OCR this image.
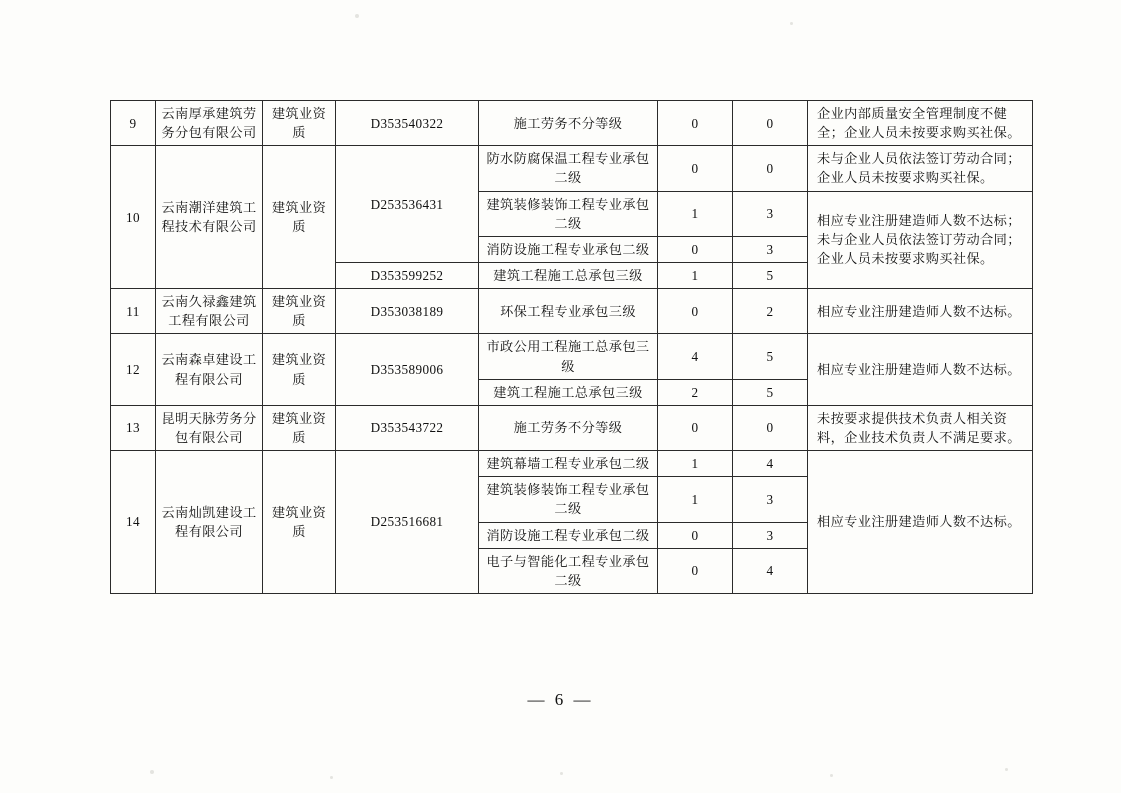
9	云南厚承建筑劳务分包有限公司	建筑业资质	D353540322	施工劳务不分等级	0	0	企业内部质量安全管理制度不健全；企业人员未按要求购买社保。
10	云南潮洋建筑工程技术有限公司	建筑业资质	D253536431	防水防腐保温工程专业承包二级	0	0	未与企业人员依法签订劳动合同；企业人员未按要求购买社保。
				建筑装修装饰工程专业承包二级	1	3	相应专业注册建造师人数不达标；未与企业人员依法签订劳动合同；企业人员未按要求购买社保。
				消防设施工程专业承包二级	0	3	
			D353599252	建筑工程施工总承包三级	1	5	
11	云南久禄鑫建筑工程有限公司	建筑业资质	D353038189	环保工程专业承包三级	0	2	相应专业注册建造师人数不达标。
12	云南森卓建设工程有限公司	建筑业资质	D353589006	市政公用工程施工总承包三级	4	5	相应专业注册建造师人数不达标。
				建筑工程施工总承包三级	2	5	
13	昆明天脉劳务分包有限公司	建筑业资质	D353543722	施工劳务不分等级	0	0	未按要求提供技术负责人相关资料，企业技术负责人不满足要求。
14	云南灿凯建设工程有限公司	建筑业资质	D253516681	建筑幕墙工程专业承包二级	1	4	相应专业注册建造师人数不达标。
				建筑装修装饰工程专业承包二级	1	3	
				消防设施工程专业承包二级	0	3	
				电子与智能化工程专业承包二级	0	4	
— 6 —
